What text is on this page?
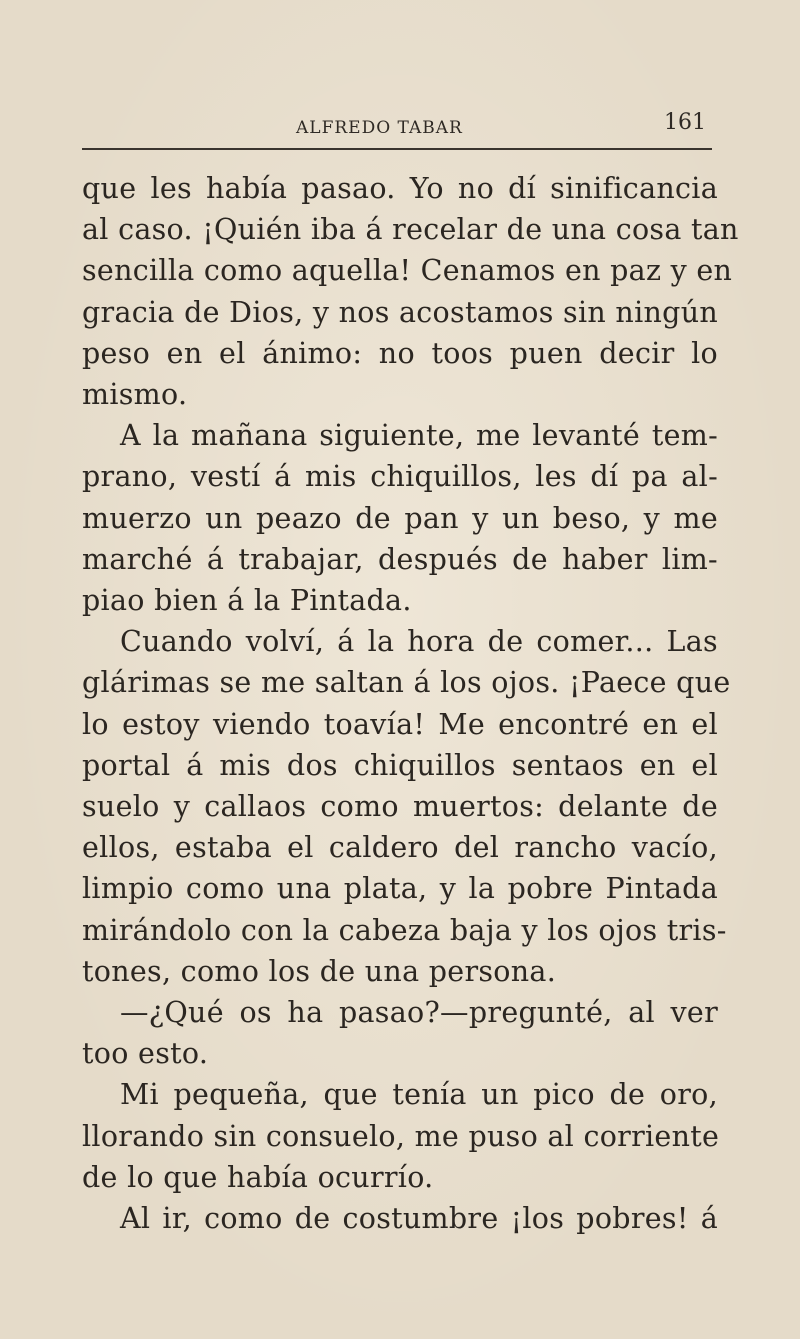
ALFREDO TABAR	161
que les había pasao. Yo no dí sinificancia
al caso. ¡Quién iba á recelar de una cosa tan
sencilla como aquella! Cenamos en paz y en
gracia de Dios, y nos acostamos sin ningún
peso en el ánimo: no toos puen decir lo
mismo.
A la mañana siguiente, me levanté tem-
prano, vestí á mis chiquillos, les dí pa al-
muerzo un peazo de pan y un beso, y me
marché á trabajar, después de haber lim-
piao bien á la Pintada.
Cuando volví, á la hora de comer... Las
glárimas se me saltan á los ojos. ¡Paece que
lo estoy viendo toavía! Me encontré en el
portal á mis dos chiquillos sentaos en el
suelo y callaos como muertos: delante de
ellos, estaba el caldero del rancho vacío,
limpio como una plata, y la pobre Pintada
mirándolo con la cabeza baja y los ojos tris-
tones, como los de una persona.
—¿Qué os ha pasao?—pregunté, al ver
too esto.
Mi pequeña, que tenía un pico de oro,
llorando sin consuelo, me puso al corriente
de lo que había ocurrío.
Al ir, como de costumbre ¡los pobres! á
